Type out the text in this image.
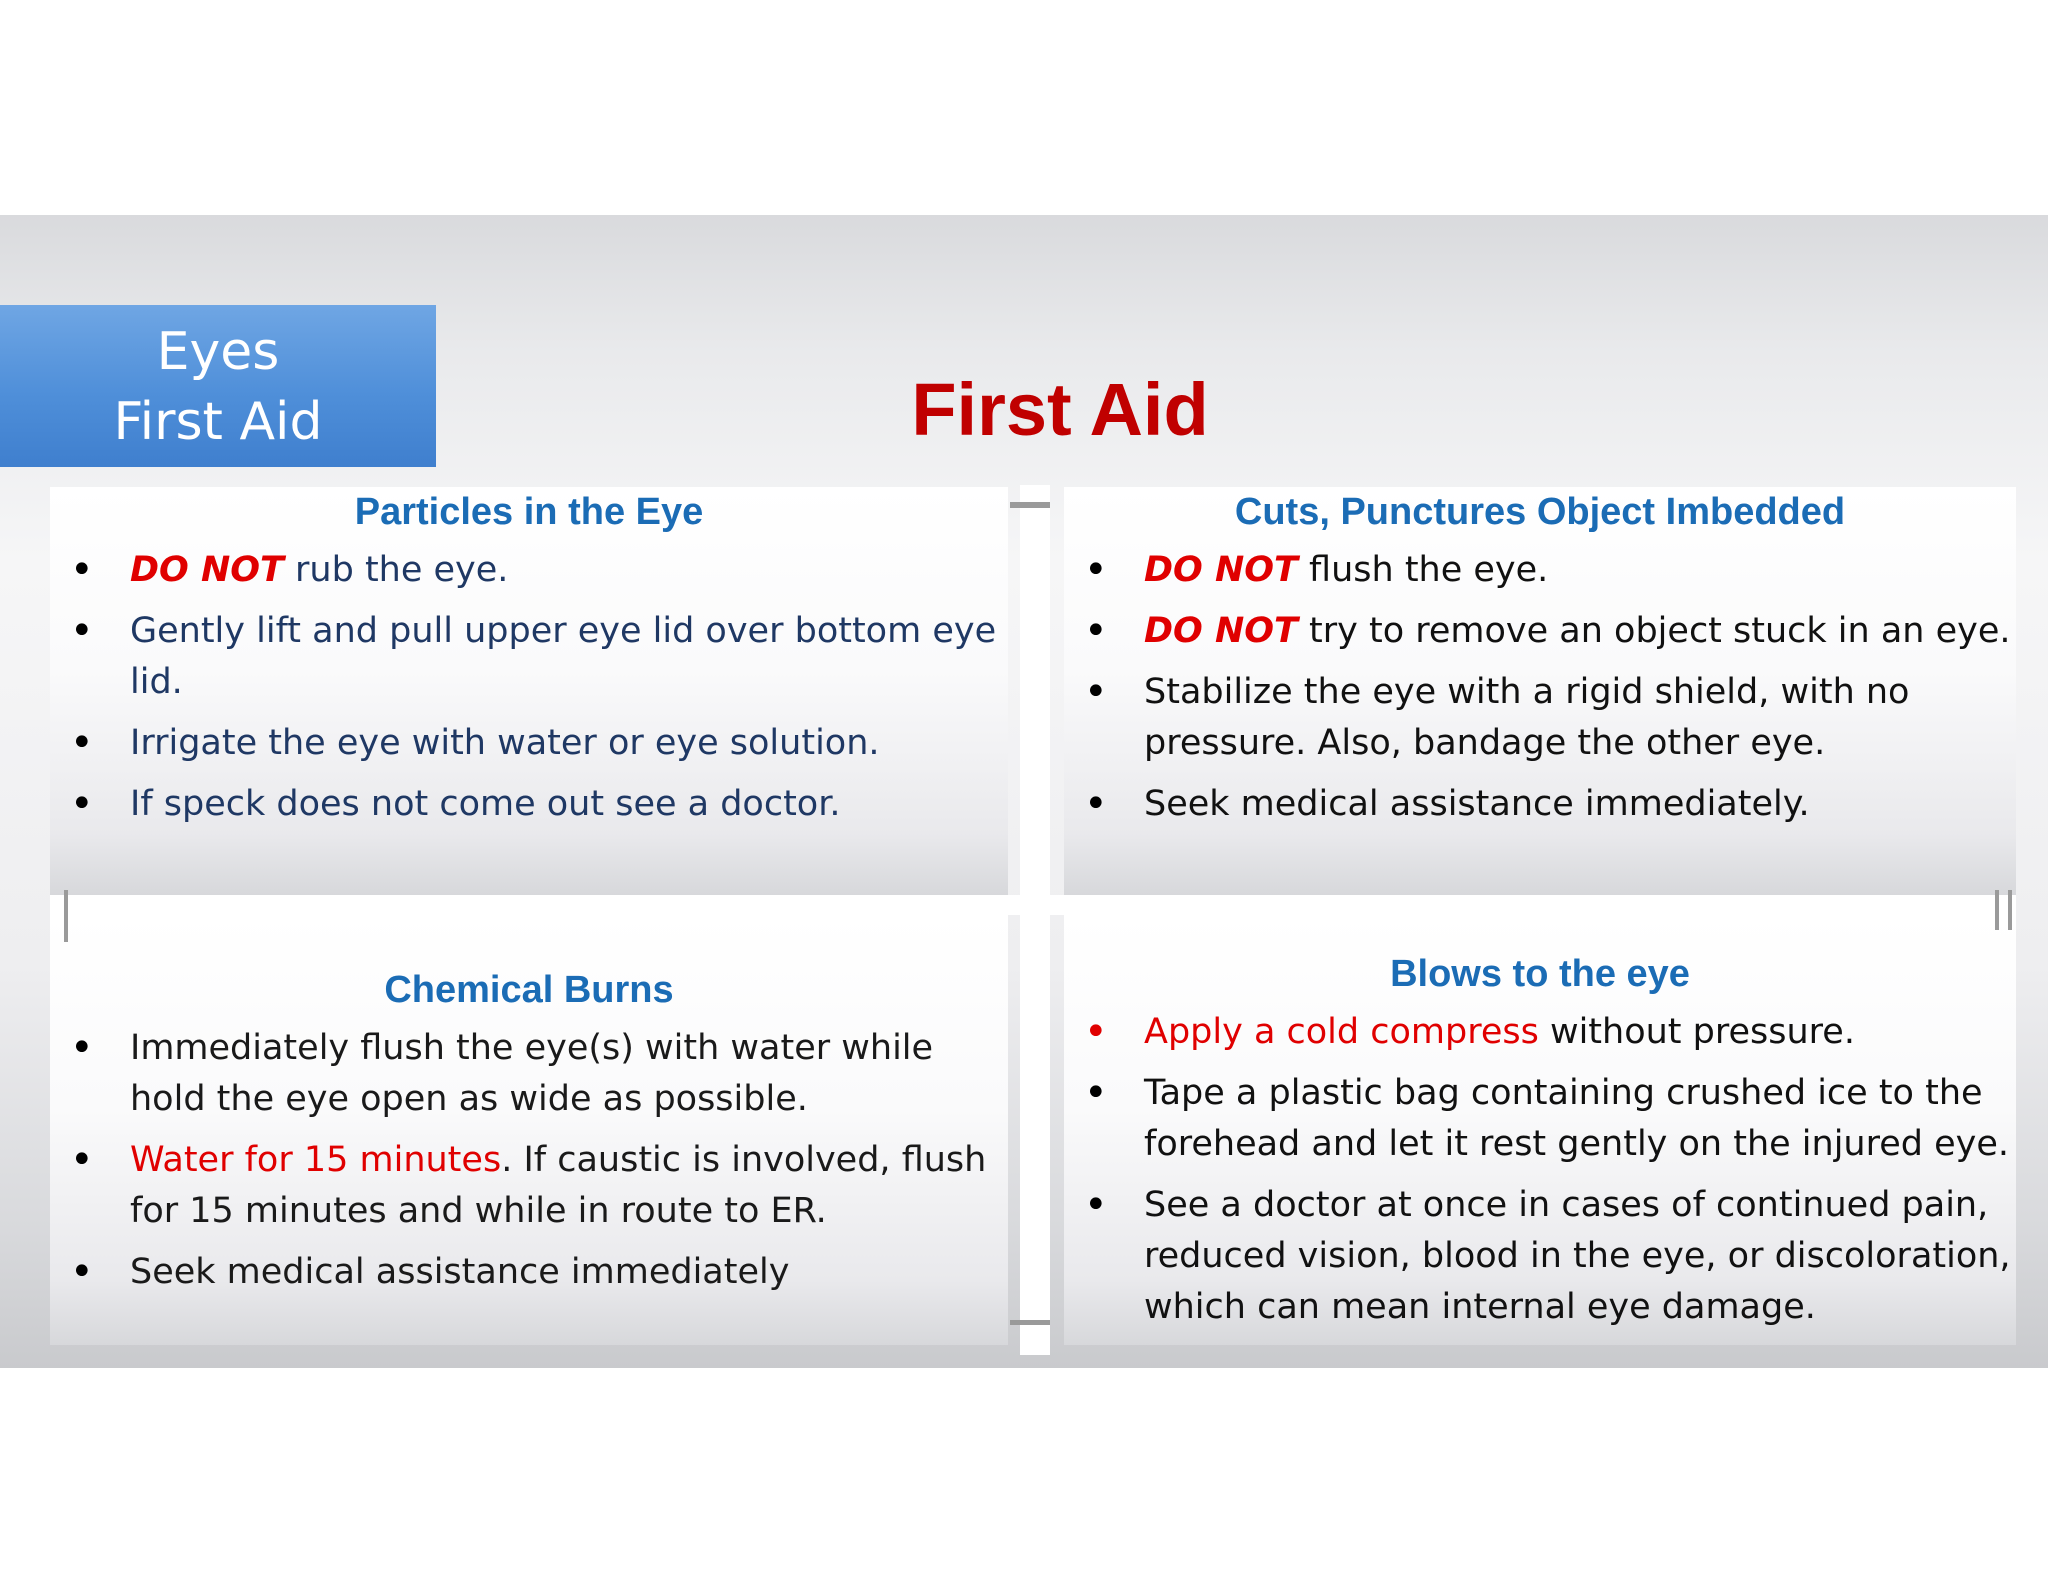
Eyes
First Aid	First Aid
Particles in the Eye
• DO NOT rub the eye.
• Gently lift and pull upper eye lid over bottom eye lid.
• Irrigate the eye with water or eye solution.
• If speck does not come out see a doctor.
Cuts, Punctures Object Imbedded
• DO NOT flush the eye.
• DO NOT try to remove an object stuck in an eye.
• Stabilize the eye with a rigid shield, with no pressure. Also, bandage the other eye.
• Seek medical assistance immediately.
Chemical Burns
• Immediately flush the eye(s) with water while hold the eye open as wide as possible.
• Water for 15 minutes. If caustic is involved, flush for 15 minutes and while in route to ER.
• Seek medical assistance immediately
Blows to the eye
• Apply a cold compress without pressure.
• Tape a plastic bag containing crushed ice to the forehead and let it rest gently on the injured eye.
• See a doctor at once in cases of continued pain, reduced vision, blood in the eye, or discoloration, which can mean internal eye damage.
